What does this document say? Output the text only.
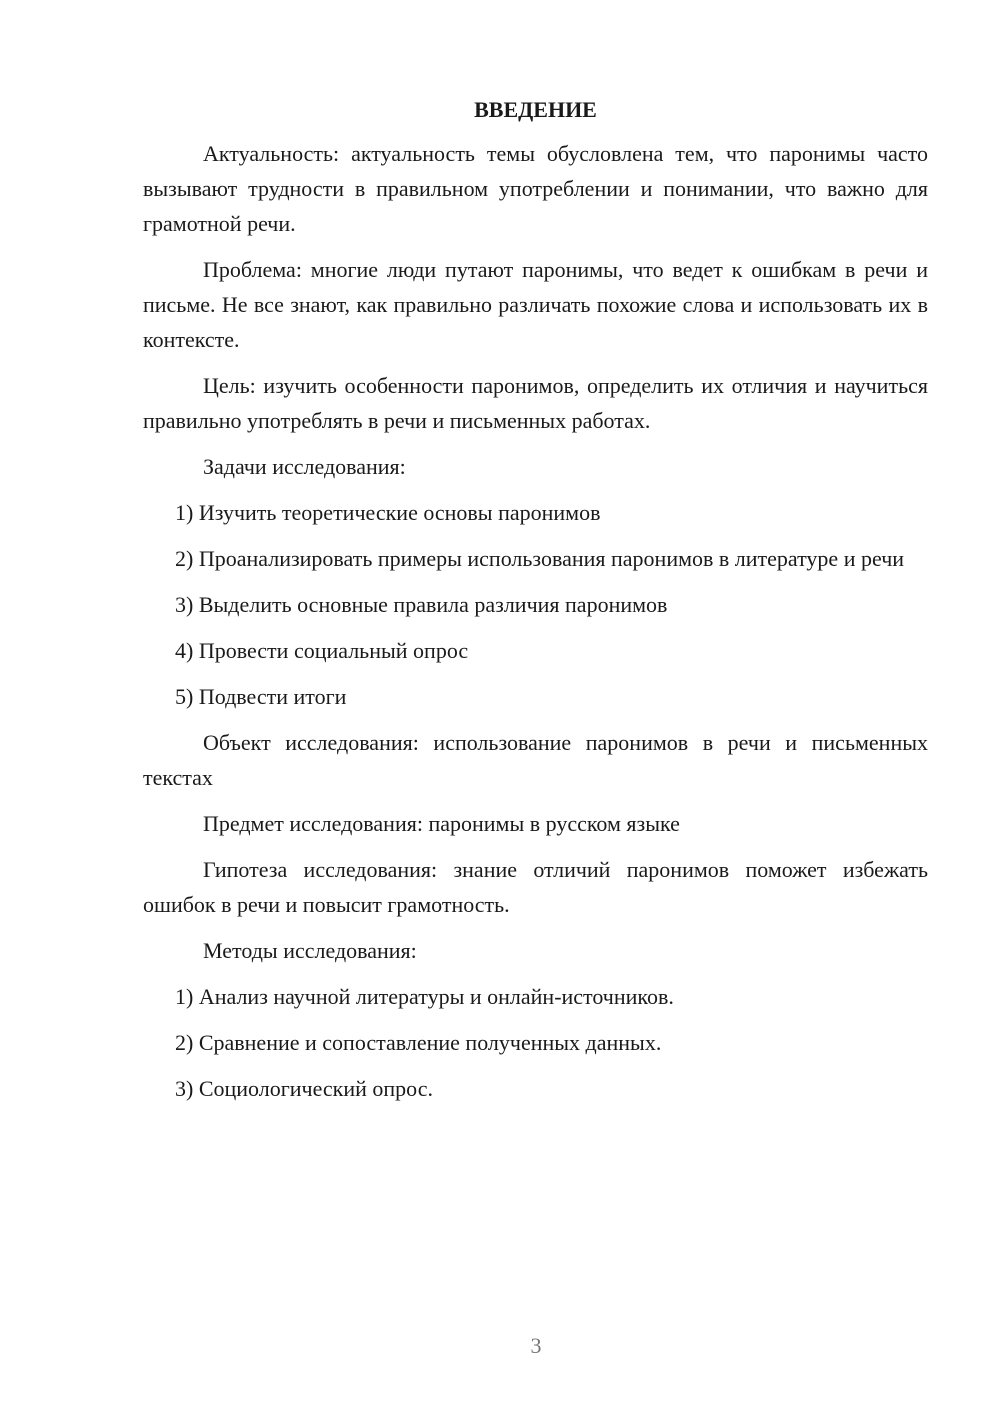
ВВЕДЕНИЕ

Актуальность: актуальность темы обусловлена тем, что паронимы часто вызывают трудности в правильном употреблении и понимании, что важно для грамотной речи.

Проблема: многие люди путают паронимы, что ведет к ошибкам в речи и письме. Не все знают, как правильно различать похожие слова и использовать их в контексте.

Цель: изучить особенности паронимов, определить их отличия и научиться правильно употреблять в речи и письменных работах.

Задачи исследования:

1) Изучить теоретические основы паронимов

2) Проанализировать примеры использования паронимов в литературе и речи

3) Выделить основные правила различия паронимов

4) Провести социальный опрос

5) Подвести итоги

Объект исследования: использование паронимов в речи и письменных текстах

Предмет исследования: паронимы в русском языке

Гипотеза исследования: знание отличий паронимов поможет избежать ошибок в речи и повысит грамотность.

Методы исследования:

1) Анализ научной литературы и онлайн-источников.

2) Сравнение и сопоставление полученных данных.

3) Социологический опрос.

3
